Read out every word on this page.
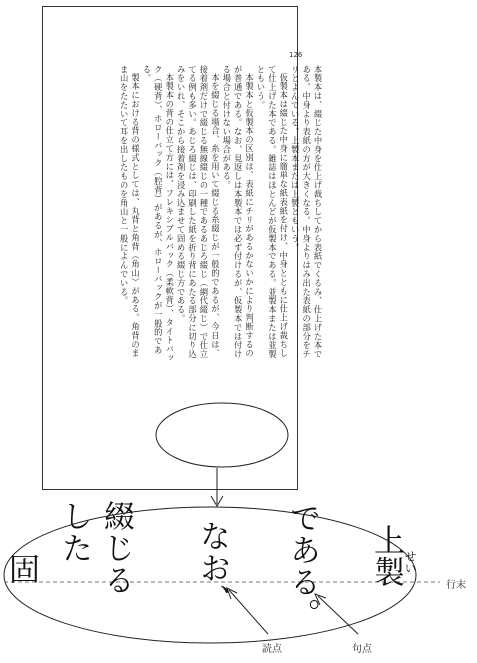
126

本製本は、綴じた中身を仕上げ裁ちしてから表紙でくるみ、仕上げた本である。中身より表紙の方が大きくなる。中身よりはみ出た表紙の部分をチリとよんでいる。上製本または上製ともいう。

仮製本は綴じた中身に簡単な紙表紙を付け、中身とともに仕上げ裁ちして仕上げた本である。雑誌はほとんどが仮製本である。並製本または並製ともいう。

本製本と仮製本の区別は、表紙にチリがあるかないかにより判断するのが普通である。なお、見返しは本製本では必ず付けるが、仮製本では付ける場合と付けない場合がある。

本を綴じる場合、糸を用いて綴じる糸綴じが一般的であるが、今日は、接着剤だけで綴じる無線綴じの一種であるあじろ綴じ（網代綴じ）で仕立てる例も多い。あじろ綴じは、印刷した紙を折り背にあたる部分に切り込みをいれ、そこから接着剤を浸み込ませて固める綴じ方である。

本製本の背の仕立て方には、フレキシブルバック（柔軟背）、タイトバック（硬背）、ホローバック（腔背）があるが、ホローバックが一般的である。

製本における背の様式としては、丸背と角背（角山）がある。角背のまま山をたたいて耳を出したものを角山と一般によんでいる。

固
した 綴じる なお、 である。 上製 せい
行末
読点	句点
